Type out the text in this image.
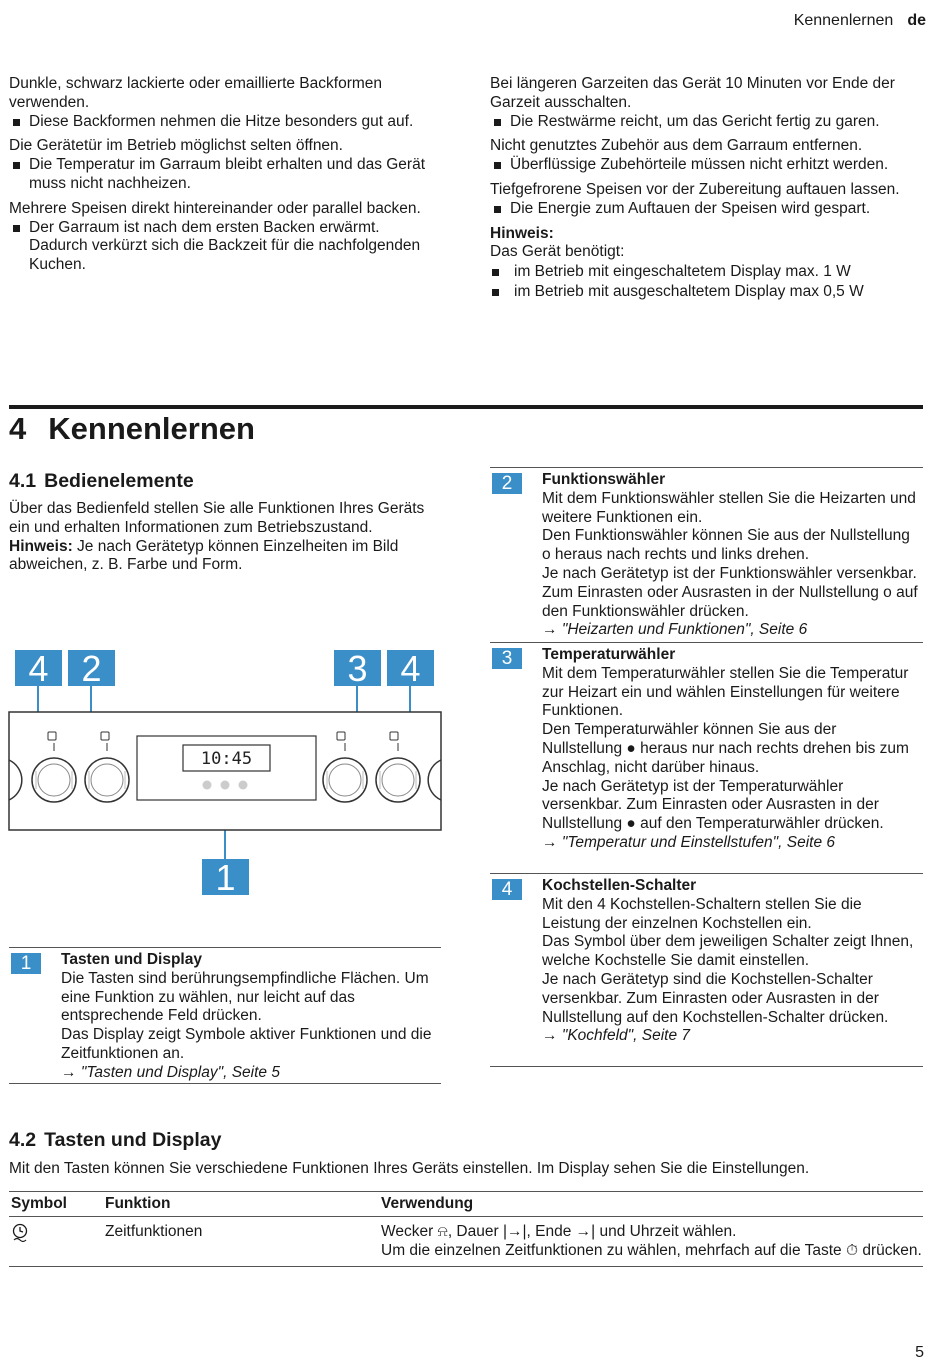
Kennenlernen de

Dunkle, schwarz lackierte oder emaillierte Backformen verwenden.

Diese Backformen nehmen die Hitze besonders gut auf.

Die Gerätetür im Betrieb möglichst selten öffnen.

Die Temperatur im Garraum bleibt erhalten und das Gerät muss nicht nachheizen.

Mehrere Speisen direkt hintereinander oder parallel backen.

Der Garraum ist nach dem ersten Backen erwärmt. Dadurch verkürzt sich die Backzeit für die nachfolgenden Kuchen.

Bei längeren Garzeiten das Gerät 10 Minuten vor Ende der Garzeit ausschalten.

Die Restwärme reicht, um das Gericht fertig zu garen.

Nicht genutztes Zubehör aus dem Garraum entfernen.

Überflüssige Zubehörteile müssen nicht erhitzt werden.

Tiefgefrorene Speisen vor der Zubereitung auftauen lassen.

Die Energie zum Auftauen der Speisen wird gespart.

Hinweis:

Das Gerät benötigt:

im Betrieb mit eingeschaltetem Display max. 1 W

im Betrieb mit ausgeschaltetem Display max 0,5 W

4 Kennenlernen
4.1 Bedienelemente

Über das Bedienfeld stellen Sie alle Funktionen Ihres Geräts ein und erhalten Informationen zum Betriebszustand.

Hinweis: Je nach Gerätetyp können Einzelheiten im Bild abweichen, z. B. Farbe und Form.

4 2	3 4
10:45
1
1	Tasten und Display

Die Tasten sind berührungsempfindliche Flächen. Um eine Funktion zu wählen, nur leicht auf das entsprechende Feld drücken.

Das Display zeigt Symbole aktiver Funktionen und die Zeitfunktionen an.

→ "Tasten und Display", Seite 5

2	Funktionswähler

Mit dem Funktionswähler stellen Sie die Heizarten und weitere Funktionen ein.

Den Funktionswähler können Sie aus der Nullstellung o heraus nach rechts und links drehen.

Je nach Gerätetyp ist der Funktionswähler versenkbar. Zum Einrasten oder Ausrasten in der Nullstellung o auf den Funktionswähler drücken.

→ "Heizarten und Funktionen", Seite 6

3	Temperaturwähler

Mit dem Temperaturwähler stellen Sie die Temperatur zur Heizart ein und wählen Einstellungen für weitere Funktionen.

Den Temperaturwähler können Sie aus der Nullstellung ● heraus nur nach rechts drehen bis zum Anschlag, nicht darüber hinaus.

Je nach Gerätetyp ist der Temperaturwähler versenkbar. Zum Einrasten oder Ausrasten in der Nullstellung ● auf den Temperaturwähler drücken.

→ "Temperatur und Einstellstufen", Seite 6

4	Kochstellen-Schalter

Mit den 4 Kochstellen-Schaltern stellen Sie die Leistung der einzelnen Kochstellen ein.

Das Symbol über dem jeweiligen Schalter zeigt Ihnen, welche Kochstelle Sie damit einstellen.

Je nach Gerätetyp sind die Kochstellen-Schalter versenkbar. Zum Einrasten oder Ausrasten in der Nullstellung auf den Kochstellen-Schalter drücken.

→ "Kochfeld", Seite 7

4.2 Tasten und Display

Mit den Tasten können Sie verschiedene Funktionen Ihres Geräts einstellen. Im Display sehen Sie die Einstellungen.

Symbol	Funktion	Verwendung
	Zeitfunktionen	Wecker ⍾, Dauer |→|, Ende →| und Uhrzeit wählen.

Um die einzelnen Zeitfunktionen zu wählen, mehrfach auf die Taste ⏱ drücken.

5
